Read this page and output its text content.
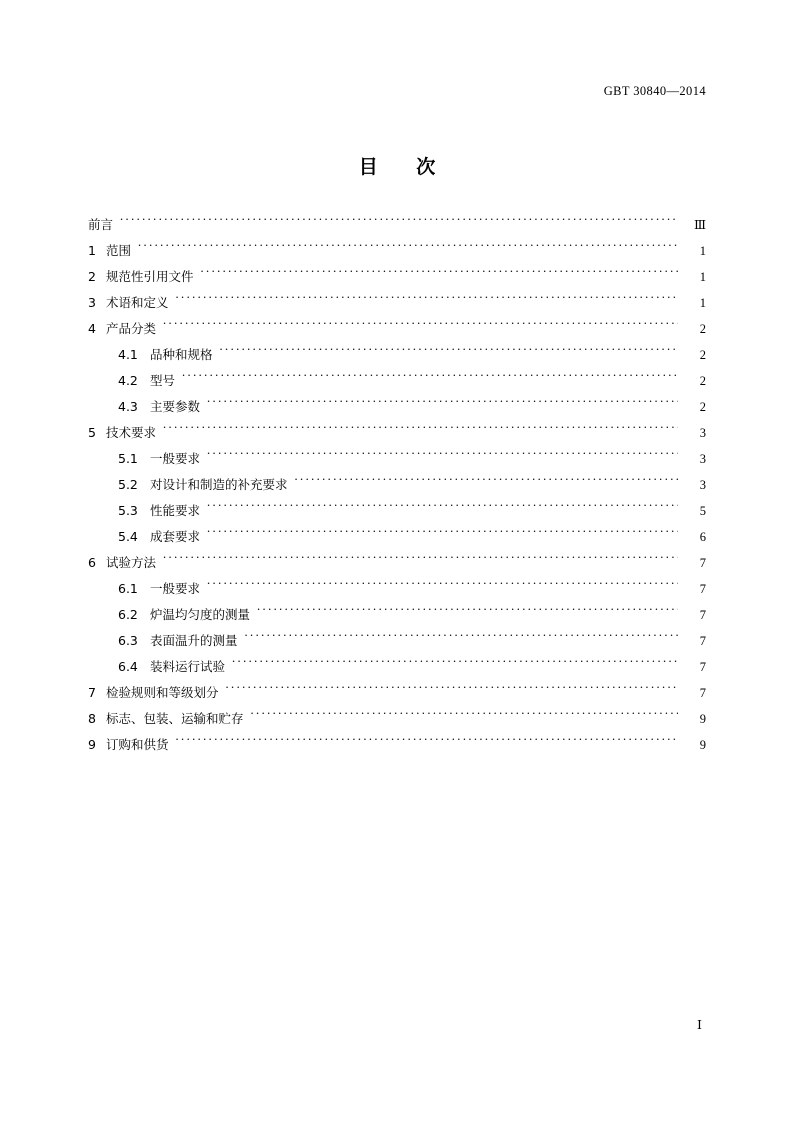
GBT 30840—2014
目 次
前言 .....	Ⅲ
1 范围 .....	1
2 规范性引用文件 .....	1
3 术语和定义 .....	1
4 产品分类 .....	2
4.1 品种和规格 .....	2
4.2 型号 .....	2
4.3 主要参数 .....	2
5 技术要求 .....	3
5.1 一般要求 .....	3
5.2 对设计和制造的补充要求 .....	3
5.3 性能要求 .....	5
5.4 成套要求 .....	6
6 试验方法 .....	7
6.1 一般要求 .....	7
6.2 炉温均匀度的测量 .....	7
6.3 表面温升的测量 .....	7
6.4 装料运行试验 .....	7
7 检验规则和等级划分 .....	7
8 标志、包装、运输和贮存 .....	9
9 订购和供货 .....	9
Ⅰ
